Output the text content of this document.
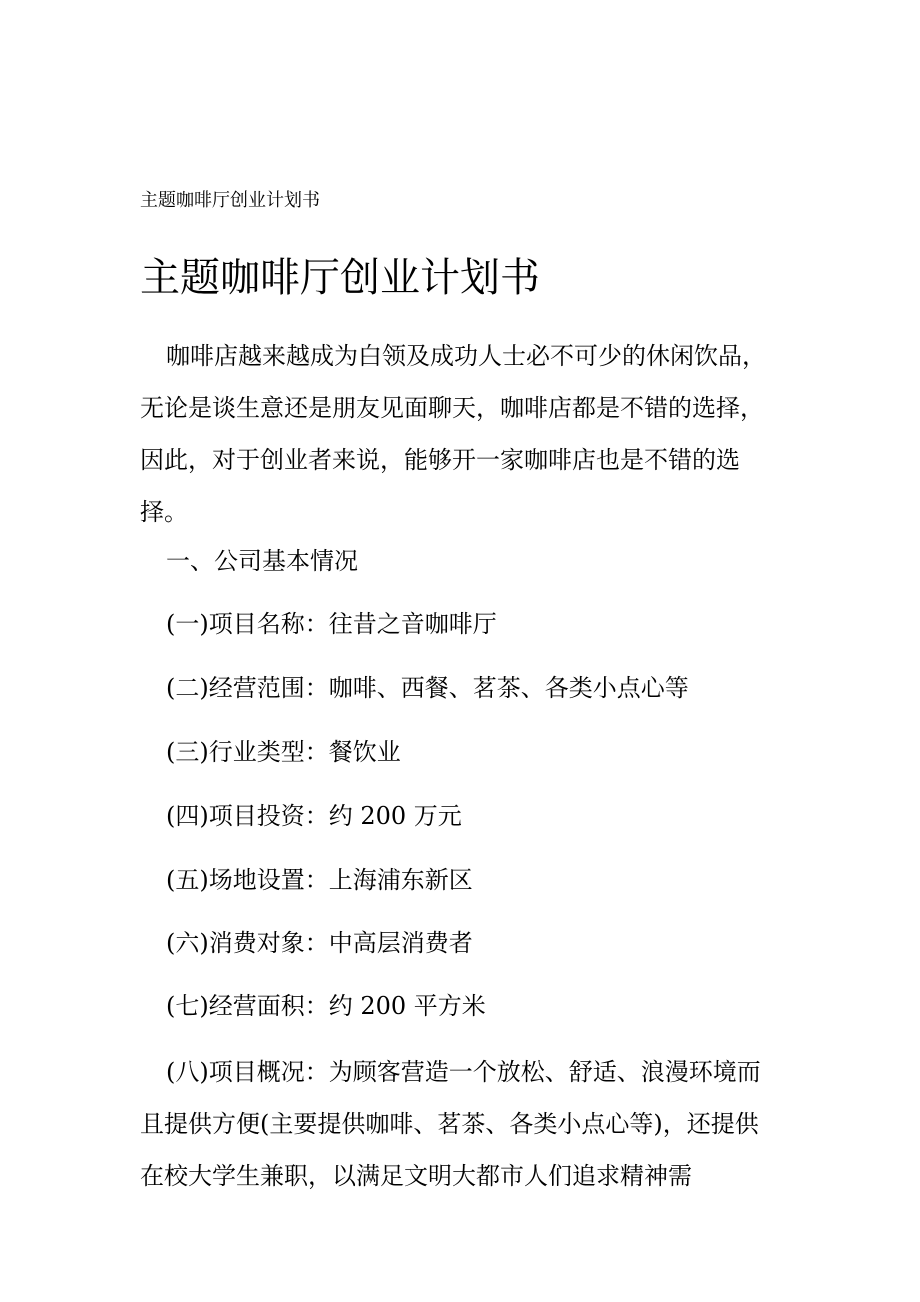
主题咖啡厅创业计划书
主题咖啡厅创业计划书

咖啡店越来越成为白领及成功人士必不可少的休闲饮品，无论是谈生意还是朋友见面聊天，咖啡店都是不错的选择，因此，对于创业者来说，能够开一家咖啡店也是不错的选择。

一、公司基本情况

(一)项目名称：往昔之音咖啡厅

(二)经营范围：咖啡、西餐、茗茶、各类小点心等

(三)行业类型：餐饮业

(四)项目投资：约 200 万元

(五)场地设置：上海浦东新区

(六)消费对象：中高层消费者

(七)经营面积：约 200 平方米

(八)项目概况：为顾客营造一个放松、舒适、浪漫环境而且提供方便(主要提供咖啡、茗茶、各类小点心等)，还提供在校大学生兼职，以满足文明大都市人们追求精神需
